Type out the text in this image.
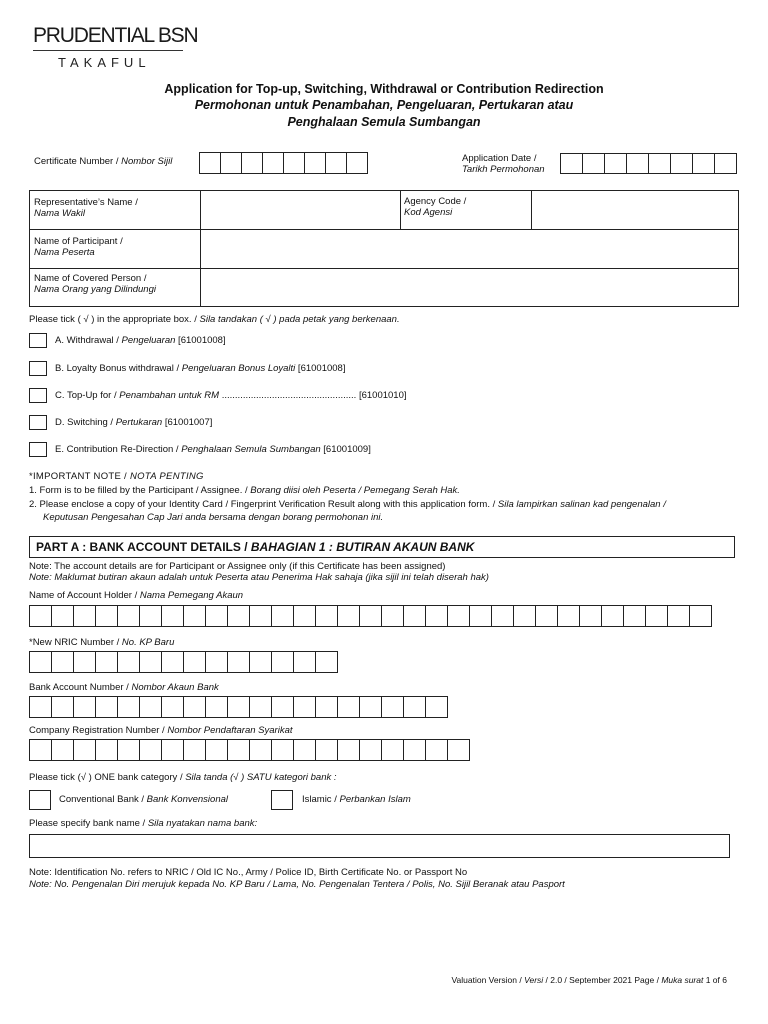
PRUDENTIAL BSN
TAKAFUL
Application for Top-up, Switching, Withdrawal or Contribution Redirection
Permohonan untuk Penambahan, Pengeluaran, Pertukaran atau
Penghalaan Semula Sumbangan
Certificate Number / Nombor Sijil	Application Date /
Tarikh Permohonan
Representative’s Name /
Nama Wakil
Agency Code /
Kod Agensi
Name of Participant /
Nama Peserta
Name of Covered Person /
Nama Orang yang Dilindungi
Please tick ( √ ) in the appropriate box. / Sila tandakan ( √ ) pada petak yang berkenaan.
A. Withdrawal / Pengeluaran [61001008]
B. Loyalty Bonus withdrawal / Pengeluaran Bonus Loyalti [61001008]
C. Top-Up for / Penambahan untuk RM ................................................... [61001010]
D. Switching / Pertukaran [61001007]
E. Contribution Re-Direction / Penghalaan Semula Sumbangan [61001009]
*IMPORTANT NOTE / NOTA PENTING
1. Form is to be filled by the Participant / Assignee. / Borang diisi oleh Peserta / Pemegang Serah Hak.
2. Please enclose a copy of your Identity Card / Fingerprint Verification Result along with this application form. / Sila lampirkan salinan kad pengenalan /
Keputusan Pengesahan Cap Jari anda bersama dengan borang permohonan ini.
PART A : BANK ACCOUNT DETAILS / BAHAGIAN 1 : BUTIRAN AKAUN BANK
Note: The account details are for Participant or Assignee only (if this Certificate has been assigned)
Note: Maklumat butiran akaun adalah untuk Peserta atau Penerima Hak sahaja (jika sijil ini telah diserah hak)
Name of Account Holder / Nama Pemegang Akaun
*New NRIC Number / No. KP Baru
Bank Account Number / Nombor Akaun Bank
Company Registration Number / Nombor Pendaftaran Syarikat
Please tick (√ ) ONE bank category / Sila tanda (√ ) SATU kategori bank :
Conventional Bank / Bank Konvensional	Islamic / Perbankan Islam
Please specify bank name / Sila nyatakan nama bank:
Note: Identification No. refers to NRIC / Old IC No., Army / Police ID, Birth Certificate No. or Passport No
Note: No. Pengenalan Diri merujuk kepada No. KP Baru / Lama, No. Pengenalan Tentera / Polis, No. Sijil Beranak atau Pasport
Valuation Version / Versi / 2.0 / September 2021 Page / Muka surat 1 of 6
